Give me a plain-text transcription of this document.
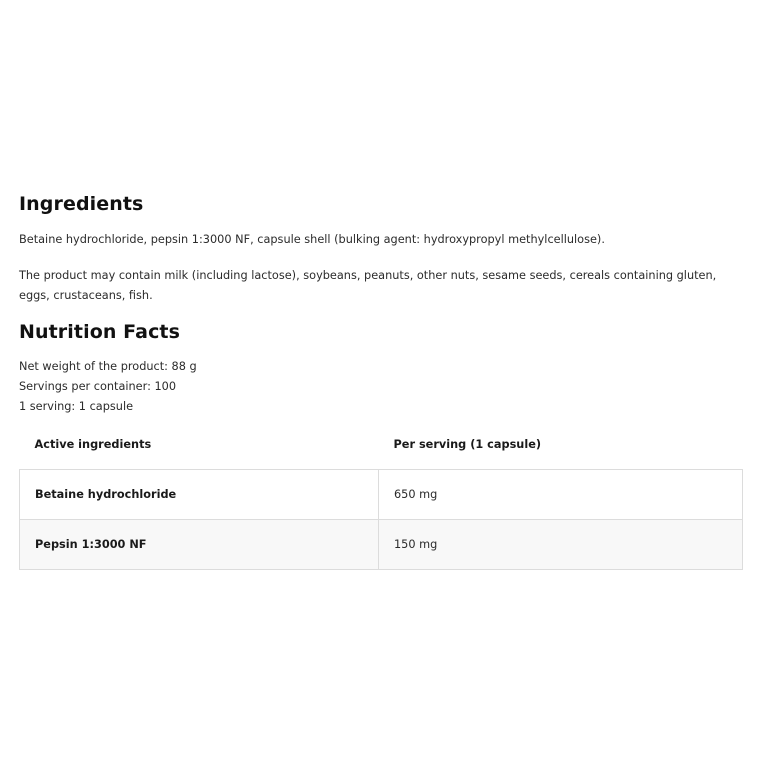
Ingredients

Betaine hydrochloride, pepsin 1:3000 NF, capsule shell (bulking agent: hydroxypropyl methylcellulose).

The product may contain milk (including lactose), soybeans, peanuts, other nuts, sesame seeds, cereals containing gluten, eggs, crustaceans, fish.

Nutrition Facts
Net weight of the product: 88 g
Servings per container: 100
1 serving: 1 capsule
Active ingredients	Per serving (1 capsule)
Betaine hydrochloride	650 mg
Pepsin 1:3000 NF	150 mg
